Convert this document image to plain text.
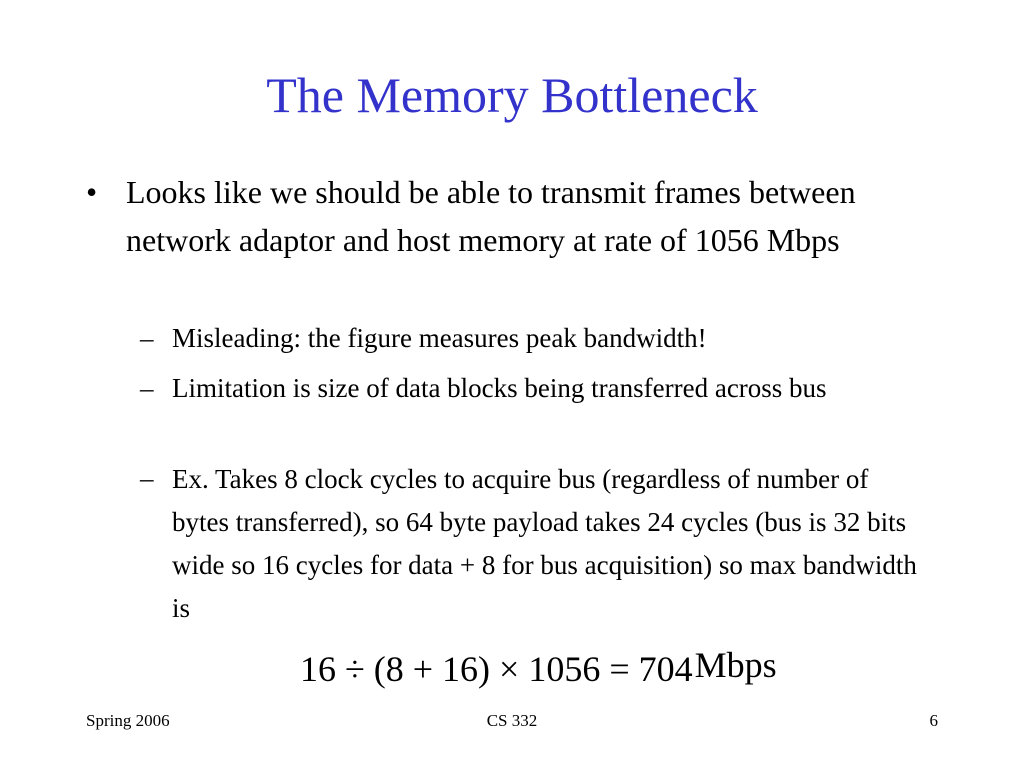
The Memory Bottleneck
• Looks like we should be able to transmit frames between network adaptor and host memory at rate of 1056 Mbps
– Misleading: the figure measures peak bandwidth!
– Limitation is size of data blocks being transferred across bus
– Ex. Takes 8 clock cycles to acquire bus (regardless of number of bytes transferred), so 64 byte payload takes 24 cycles (bus is 32 bits wide so 16 cycles for data + 8 for bus acquisition) so max bandwidth is
16 ÷ (8 + 16) × 1056 = 704Mbps
Spring 2006	CS 332	6
